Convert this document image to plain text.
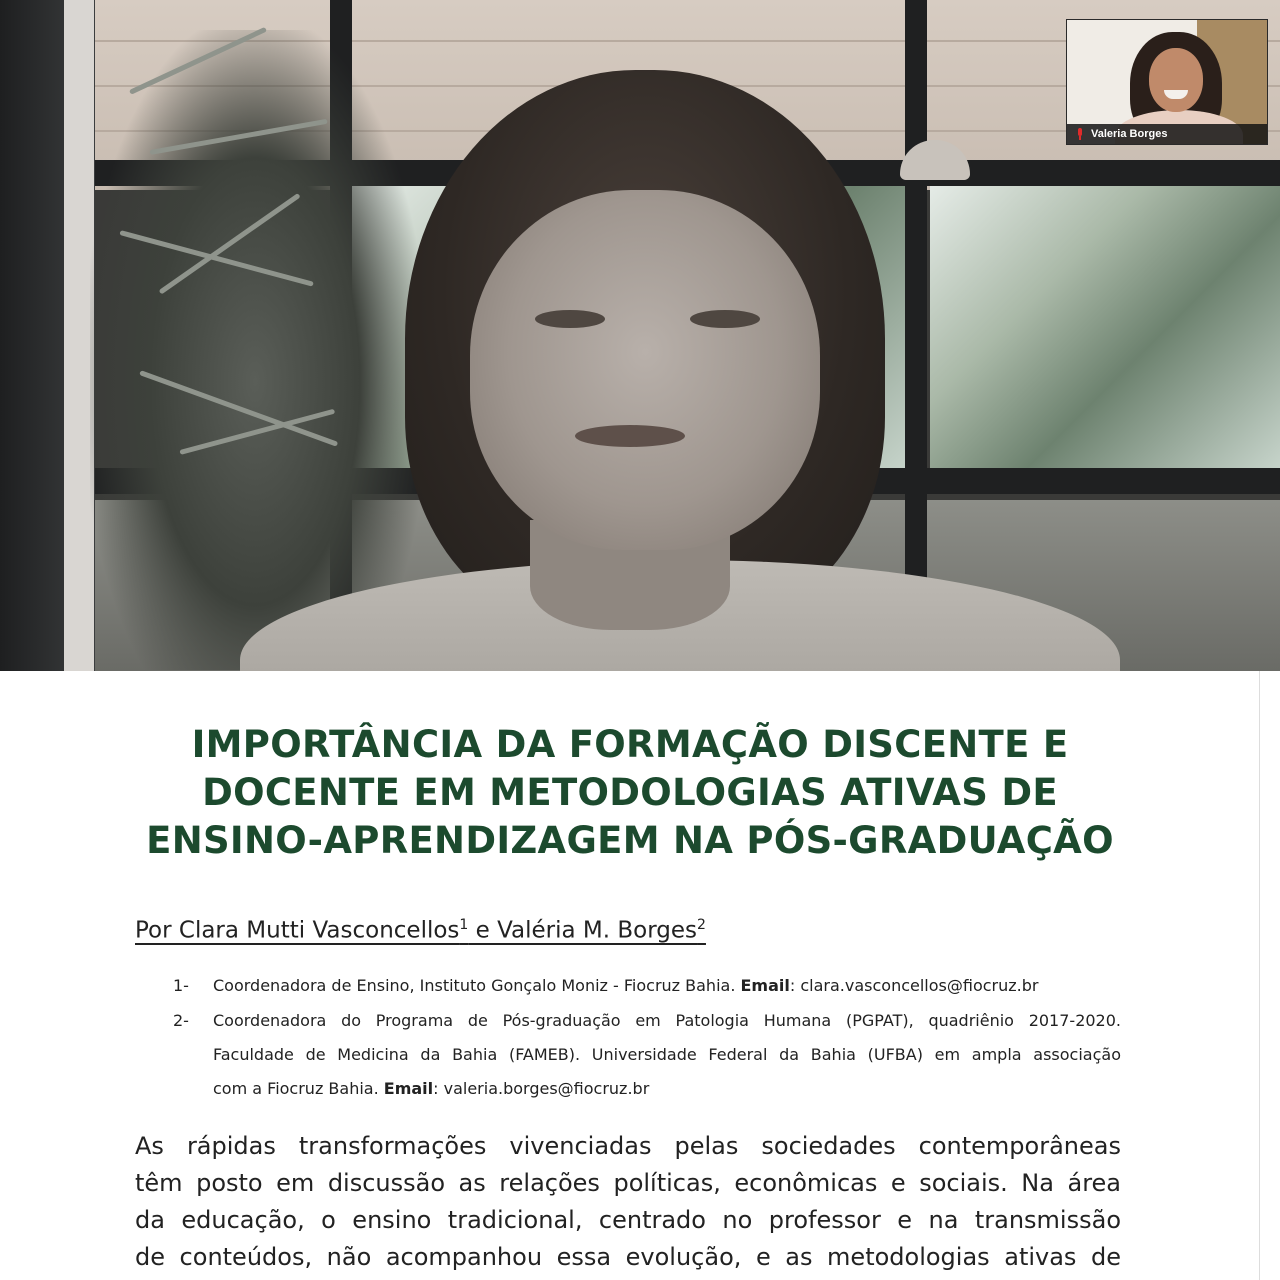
Valeria Borges
IMPORTÂNCIA DA FORMAÇÃO DISCENTE E
DOCENTE EM METODOLOGIAS ATIVAS DE
ENSINO-APRENDIZAGEM NA PÓS-GRADUAÇÃO
Por Clara Mutti Vasconcellos$^1$ e Valéria M. Borges$^2$
1- Coordenadora de Ensino, Instituto Gonçalo Moniz - Fiocruz Bahia. Email: clara.vasconcellos@fiocruz.br
2- Coordenadora do Programa de Pós-graduação em Patologia Humana (PGPAT), quadriênio 2017-2020.
Faculdade de Medicina da Bahia (FAMEB). Universidade Federal da Bahia (UFBA) em ampla associação
com a Fiocruz Bahia. Email: valeria.borges@fiocruz.br
As rápidas transformações vivenciadas pelas sociedades contemporâneas
têm posto em discussão as relações políticas, econômicas e sociais. Na área
da educação, o ensino tradicional, centrado no professor e na transmissão
de conteúdos, não acompanhou essa evolução, e as metodologias ativas de
